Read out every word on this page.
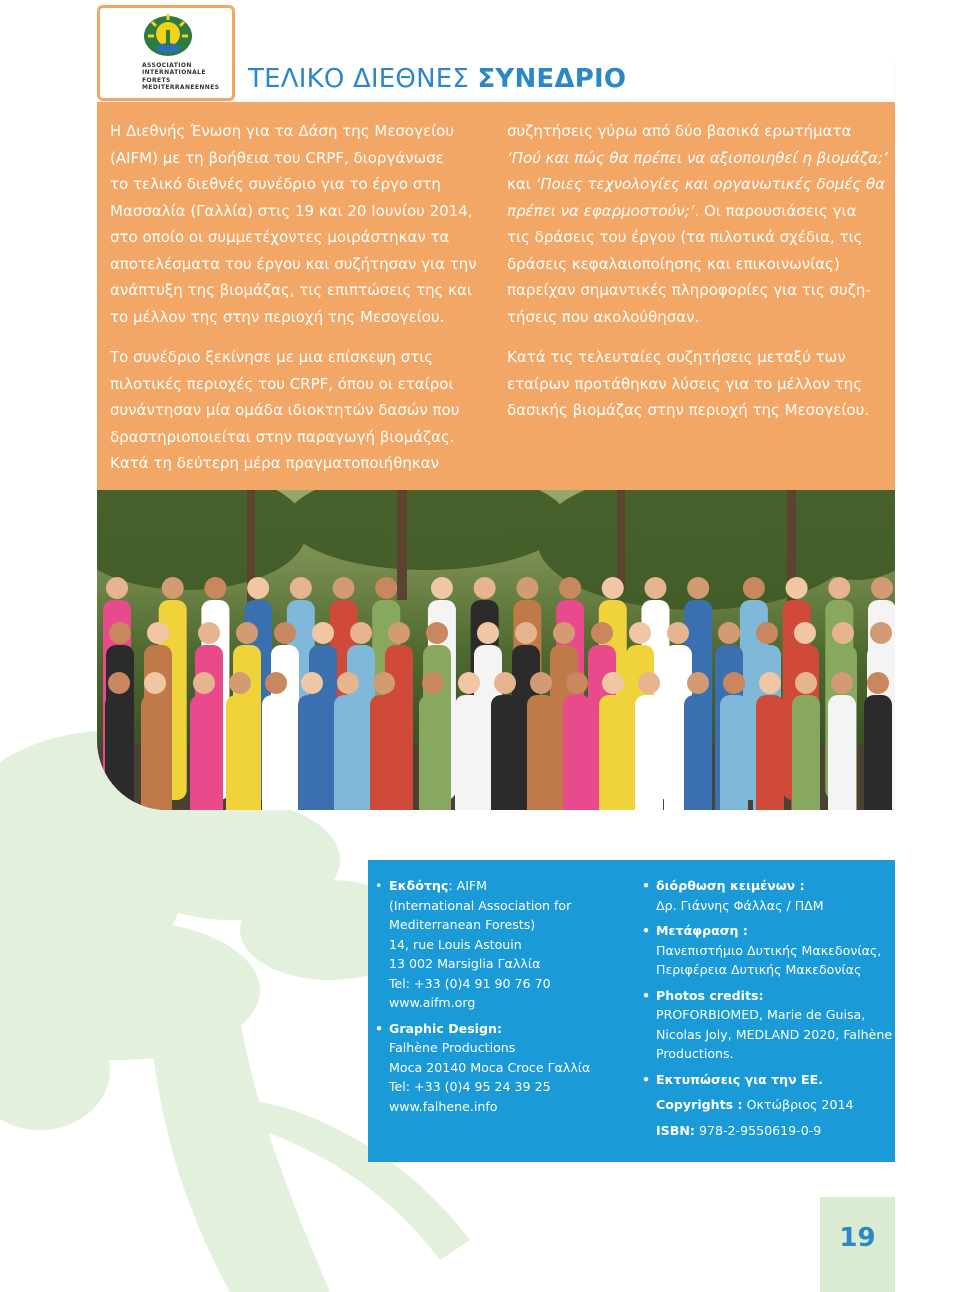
ASSOCIATION
INTERNATIONALE
FORETS
MEDITERRANEENNES ΤΕΛΙΚΟ ΔΙΕΘΝΕΣ ΣΥΝΕΔΡΙΟ

Η Διεθνής Ένωση για τα Δάση της Μεσογείου

(AIFM) με τη βοήθεια του CRPF, διοργάνωσε

το τελικό διεθνές συνέδριο για το έργο στη

Μασσαλία (Γαλλία) στις 19 και 20 Ιουνίου 2014,

στο οποίο οι συμμετέχοντες μοιράστηκαν τα

αποτελέσματα του έργου και συζήτησαν για την

ανάπτυξη της βιομάζας, τις επιπτώσεις της και

το μέλλον της στην περιοχή της Μεσογείου.

Το συνέδριο ξεκίνησε με μια επίσκεψη στις

πιλοτικές περιοχές του CRPF, όπου οι εταίροι

συνάντησαν μία ομάδα ιδιοκτητών δασών που

δραστηριοποιείται στην παραγωγή βιομάζας.

Κατά τη δεύτερη μέρα πραγματοποιήθηκαν

συζητήσεις γύρω από δύο βασικά ερωτήματα

‘Πού και πώς θα πρέπει να αξιοποιηθεί η βιομάζα;’

και ‘Ποιες τεχνολογίες και οργανωτικές δομές θα

πρέπει να εφαρμοστούν;’. Οι παρουσιάσεις για

τις δράσεις του έργου (τα πιλοτικά σχέδια, τις

δράσεις κεφαλαιοποίησης και επικοινωνίας)

παρείχαν σημαντικές πληροφορίες για τις συζη-

τήσεις που ακολούθησαν.

Κατά τις τελευταίες συζητήσεις μεταξύ των

εταίρων προτάθηκαν λύσεις για το μέλλον της

δασικής βιομάζας στην περιοχή της Μεσογείου.

• Εκδότης: AIFM
(International Association for
Mediterranean Forests)
14, rue Louis Astouin
13 002 Marsiglia Γαλλία
Tel: +33 (0)4 91 90 76 70
www.aifm.org
• Graphic Design:
Falhène Productions
Moca 20140 Moca Croce Γαλλία
Tel: +33 (0)4 95 24 39 25
www.falhene.info
• διόρθωση κειμένων :
Δρ. Γιάννης Φάλλας / ΠΔΜ
• Μετάφραση :
Πανεπιστήμιο Δυτικής Μακεδονίας,
Περιφέρεια Δυτικής Μακεδονίας
• Photos credits:
PROFORBIOMED, Marie de Guisa,
Nicolas Joly, MEDLAND 2020, Falhène
Productions.
• Εκτυπώσεις για την ΕΕ.
Copyrights : Οκτώβριος 2014
ISBN: 978-2-9550619-0-9
19
